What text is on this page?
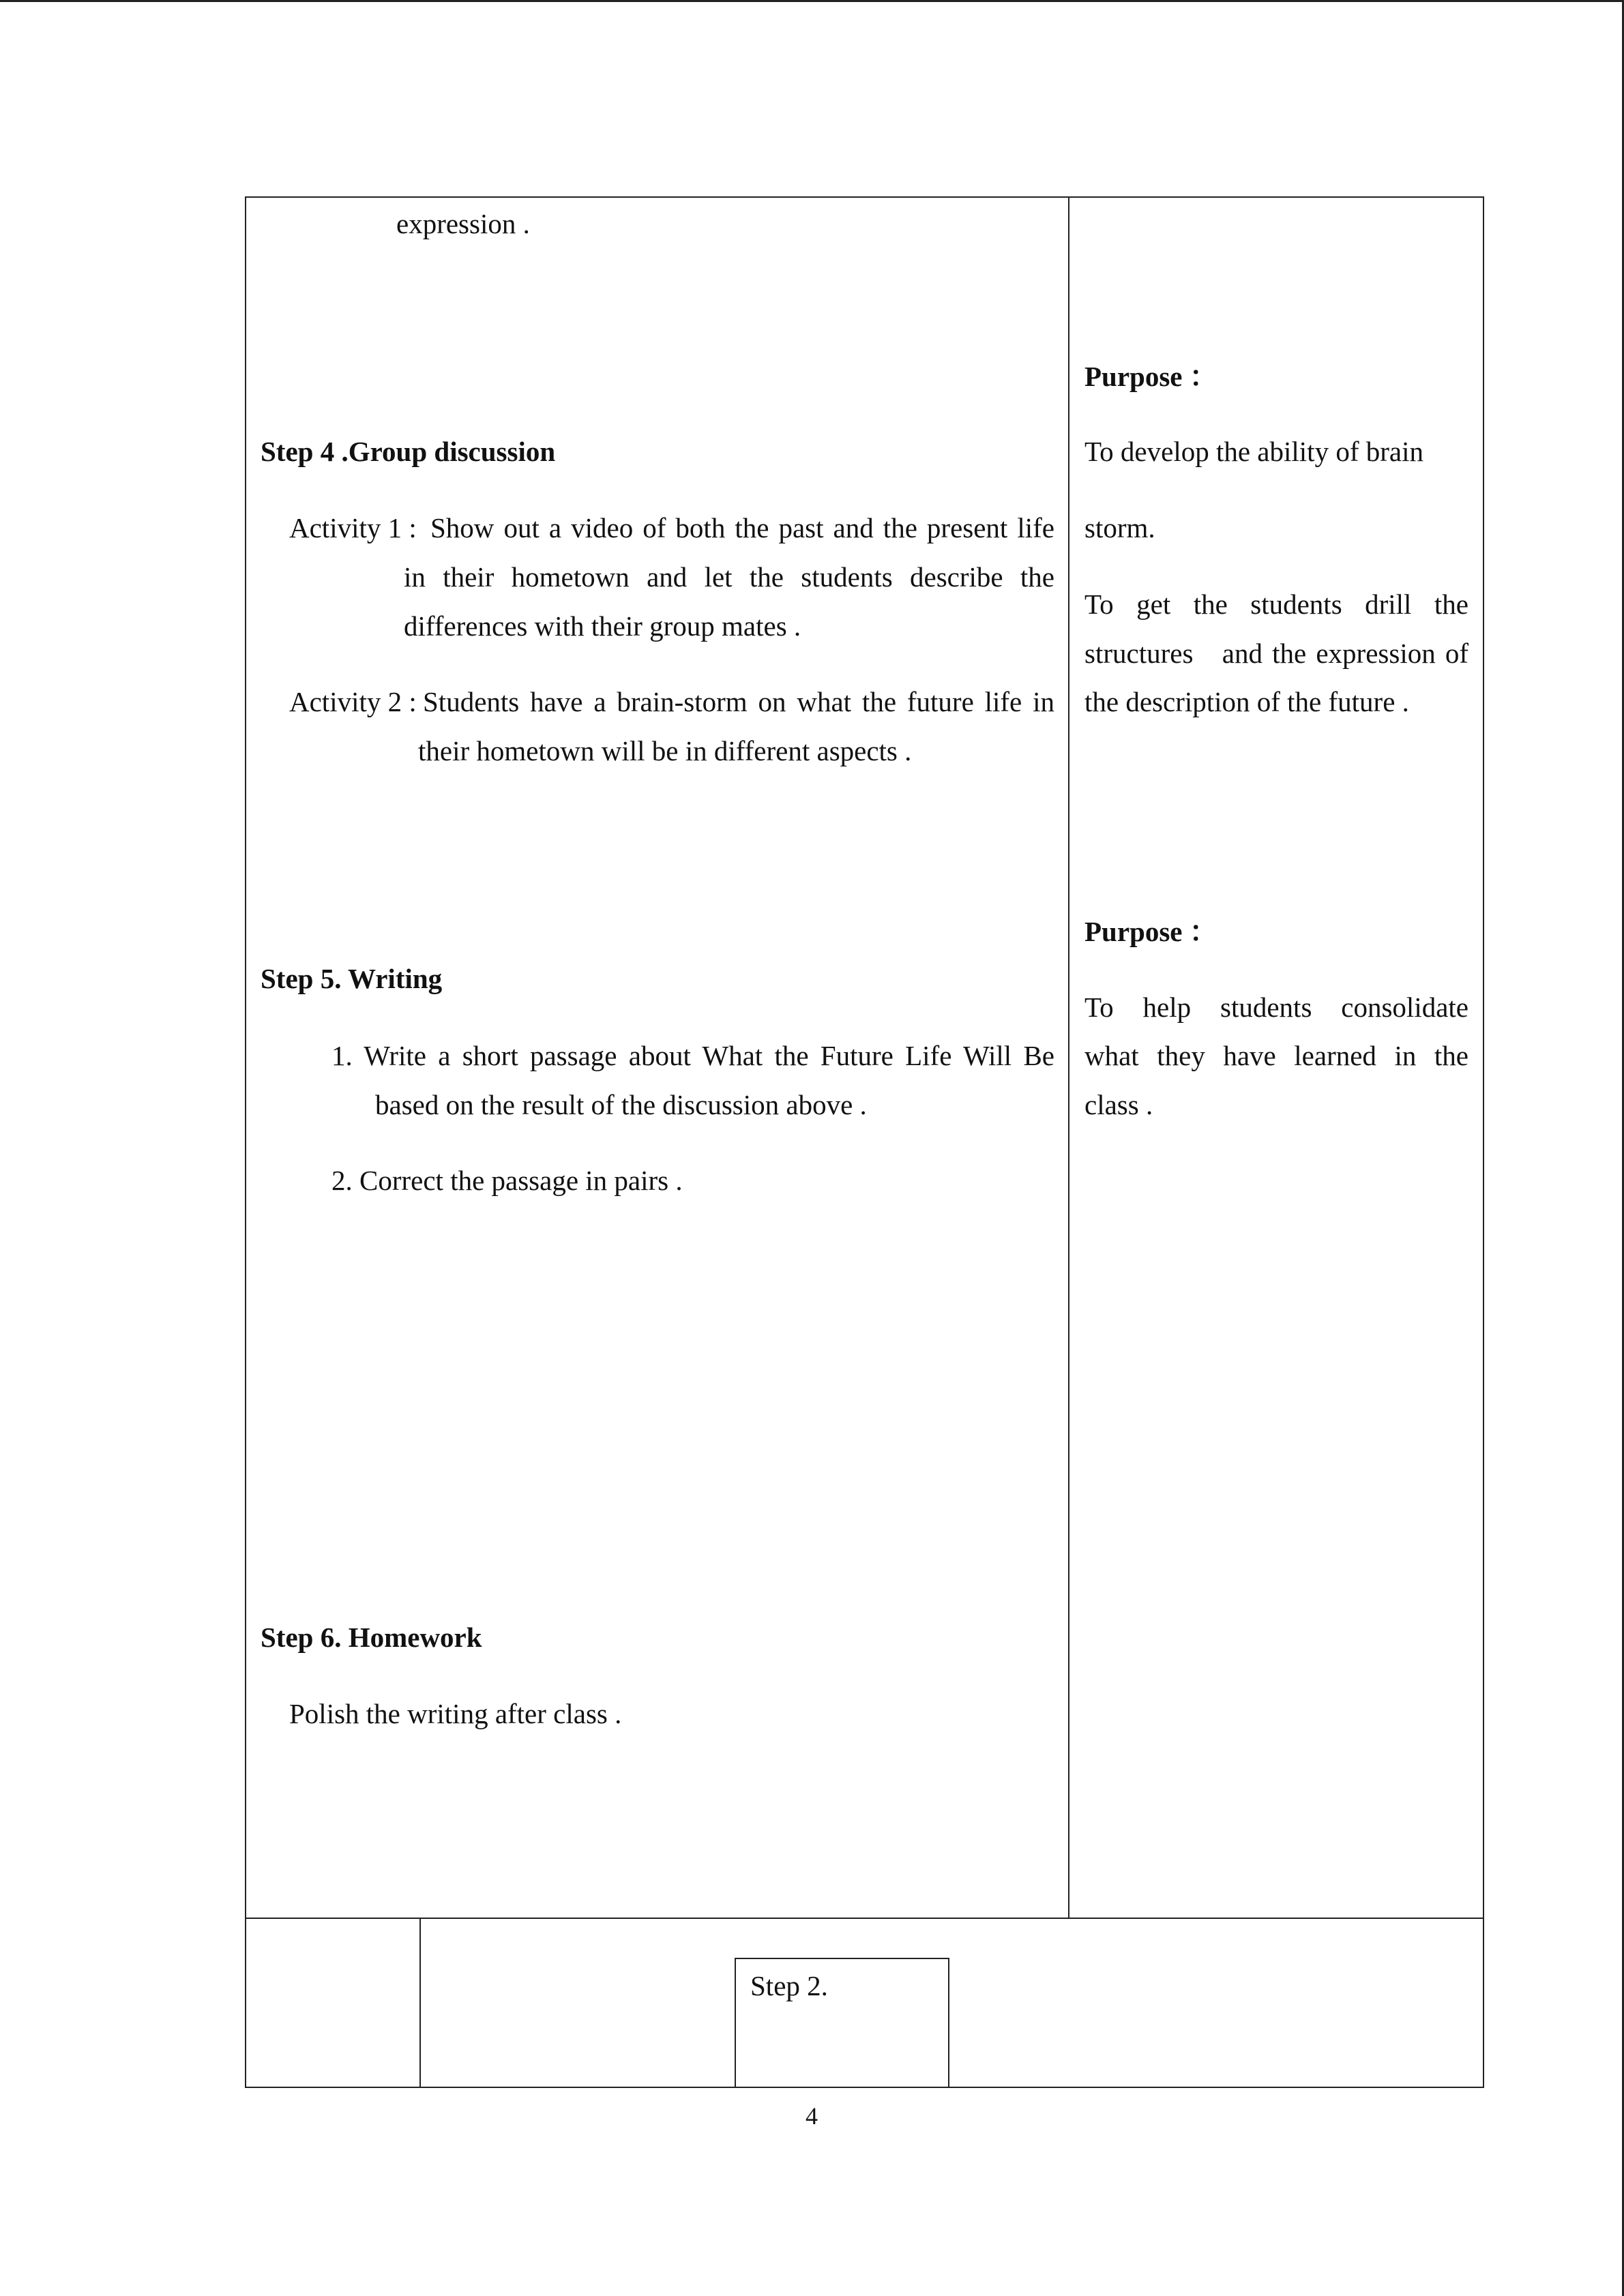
expression .
Step 4 .Group discussion
Activity 1 : Show out a video of both the past and the present life
in their hometown and let the students describe the
differences with their group mates .
Activity 2 : Students have a brain-storm on what the future life in
their hometown will be in different aspects .
Step 5. Writing
1. Write a short passage about What the Future Life Will Be
based on the result of the discussion above .
2. Correct the passage in pairs .
Step 6. Homework
Polish the writing after class .
Purpose ：
To develop the ability of brain
storm.
To get the students drill the
structures   and the expression of
the description of the future .
Purpose ：
To help students consolidate
what they have learned in the
class .
Step 2.
4
